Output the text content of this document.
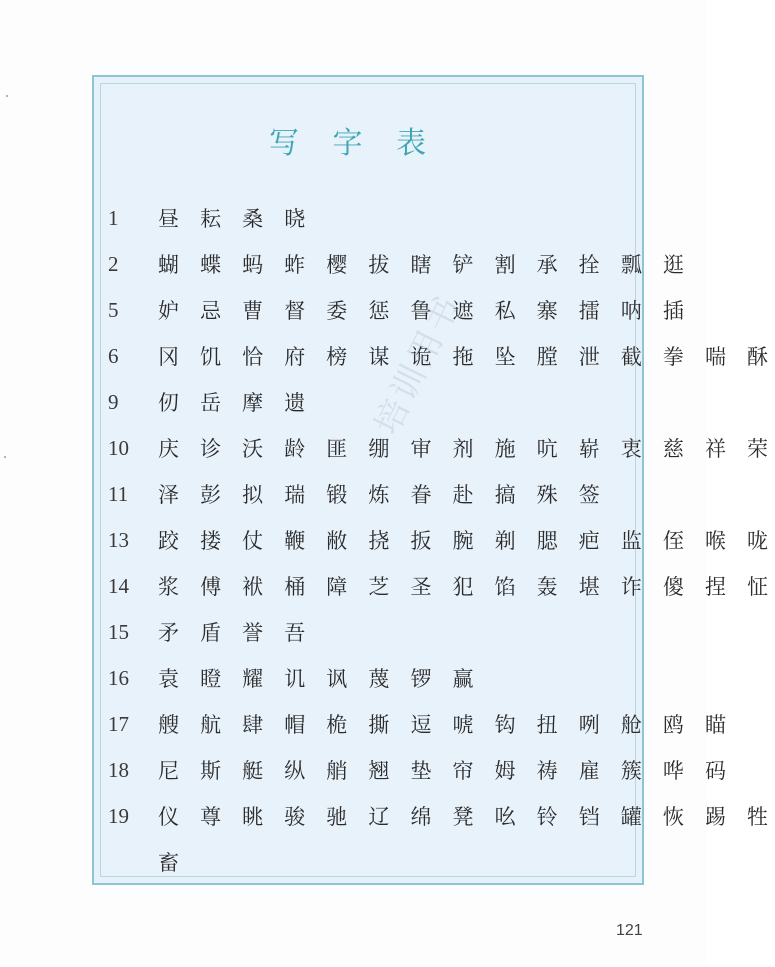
写 字 表
1	昼 耘 桑 晓
2	蝴 蝶 蚂 蚱 樱 拔 瞎 铲 割 承 拴 瓢 逛
5	妒 忌 曹 督 委 惩 鲁 遮 私 寨 擂 呐 插
6	冈 饥 恰 府 榜 谋 诡 拖 坠 膛 泄 截 拳 喘 酥
9	仞 岳 摩 遗
10	庆 诊 沃 龄 匪 绷 审 剂 施 吭 崭 衷 慈 祥 荣
11	泽 彭 拟 瑞 锻 炼 眷 赴 搞 殊 签
13	跤 搂 仗 鞭 敝 挠 扳 腕 剃 腮 疤 监 侄 喉 咙
14	浆 傅 袱 桶 障 芝 圣 犯 馅 轰 堪 诈 傻 捏 怔
15	矛 盾 誉 吾
16	袁 瞪 耀 讥 讽 蔑 锣 赢
17	艘 航 肆 帽 桅 撕 逗 唬 钩 扭 咧 舱 鸥 瞄
18	尼 斯 艇 纵 艄 翘 垫 帘 姆 祷 雇 簇 哗 码
19	仪 尊 眺 骏 驰 辽 绵 凳 吆 铃 铛 罐 恢 踢 牲
畜
培训用书
121
